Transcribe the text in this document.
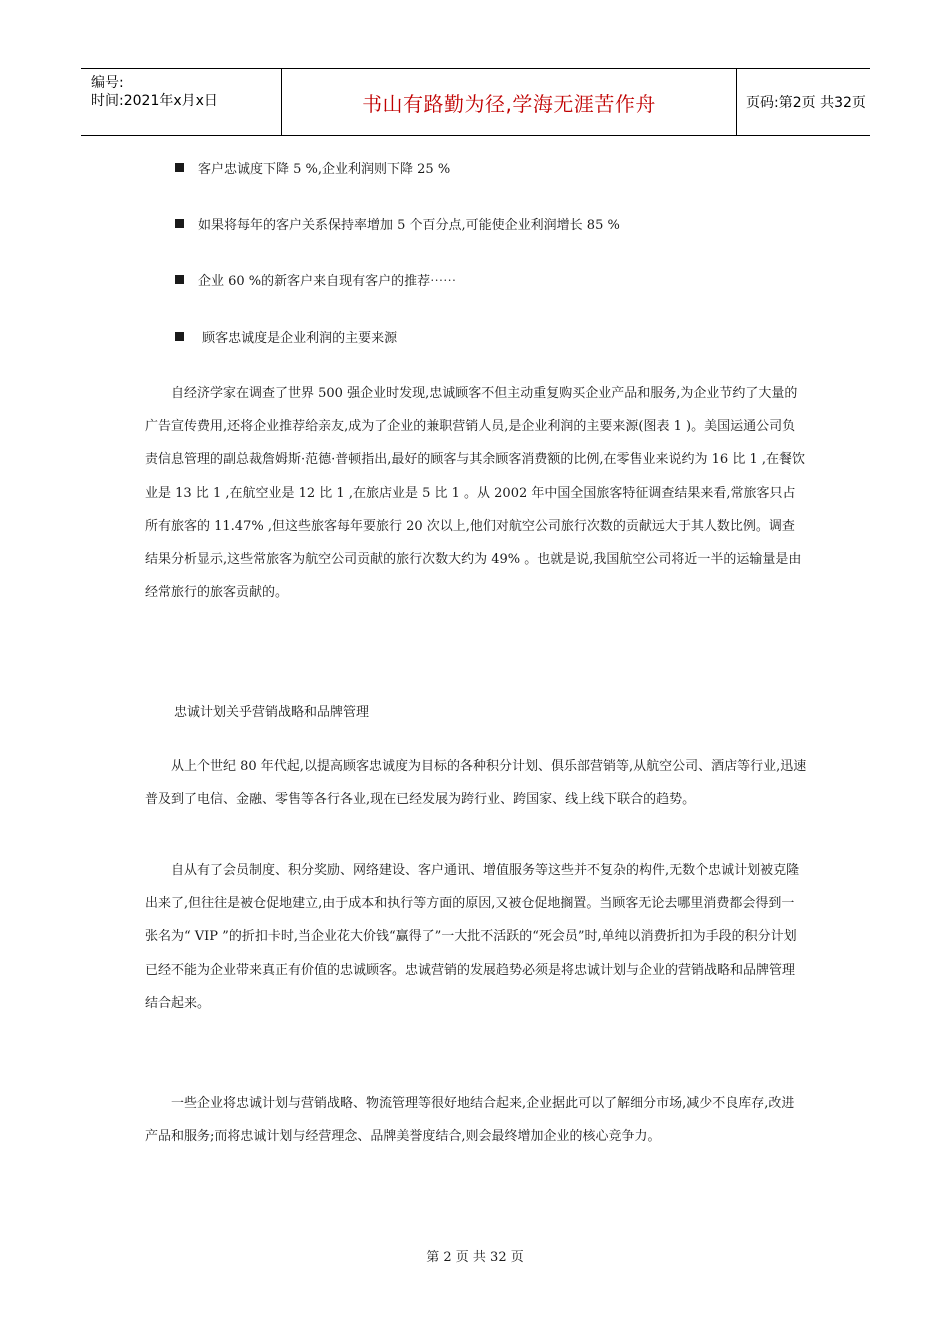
编号:
时间:2021年x月x日	书山有路勤为径,学海无涯苦作舟	页码:第2页 共32页
客户忠诚度下降 5 %,企业利润则下降 25 %
如果将每年的客户关系保持率增加 5 个百分点,可能使企业利润增长 85 %
企业 60 %的新客户来自现有客户的推荐⋯⋯
顾客忠诚度是企业利润的主要来源

自经济学家在调查了世界 500 强企业时发现,忠诚顾客不但主动重复购买企业产品和服务,为企业节约了大量的广告宣传费用,还将企业推荐给亲友,成为了企业的兼职营销人员,是企业利润的主要来源(图表 1 )。美国运通公司负责信息管理的副总裁詹姆斯·范德·普顿指出,最好的顾客与其余顾客消费额的比例,在零售业来说约为 16 比 1 ,在餐饮业是 13 比 1 ,在航空业是 12 比 1 ,在旅店业是 5 比 1 。从 2002 年中国全国旅客特征调查结果来看,常旅客只占所有旅客的 11.47% ,但这些旅客每年要旅行 20 次以上,他们对航空公司旅行次数的贡献远大于其人数比例。调查结果分析显示,这些常旅客为航空公司贡献的旅行次数大约为 49% 。也就是说,我国航空公司将近一半的运输量是由经常旅行的旅客贡献的。

忠诚计划关乎营销战略和品牌管理

从上个世纪 80 年代起,以提高顾客忠诚度为目标的各种积分计划、俱乐部营销等,从航空公司、酒店等行业,迅速普及到了电信、金融、零售等各行各业,现在已经发展为跨行业、跨国家、线上线下联合的趋势。

自从有了会员制度、积分奖励、网络建设、客户通讯、增值服务等这些并不复杂的构件,无数个忠诚计划被克隆出来了,但往往是被仓促地建立,由于成本和执行等方面的原因,又被仓促地搁置。当顾客无论去哪里消费都会得到一张名为“ VIP ”的折扣卡时,当企业花大价钱“赢得了”一大批不活跃的“死会员”时,单纯以消费折扣为手段的积分计划已经不能为企业带来真正有价值的忠诚顾客。忠诚营销的发展趋势必须是将忠诚计划与企业的营销战略和品牌管理结合起来。

一些企业将忠诚计划与营销战略、物流管理等很好地结合起来,企业据此可以了解细分市场,减少不良库存,改进产品和服务;而将忠诚计划与经营理念、品牌美誉度结合,则会最终增加企业的核心竞争力。

第 2 页 共 32 页
